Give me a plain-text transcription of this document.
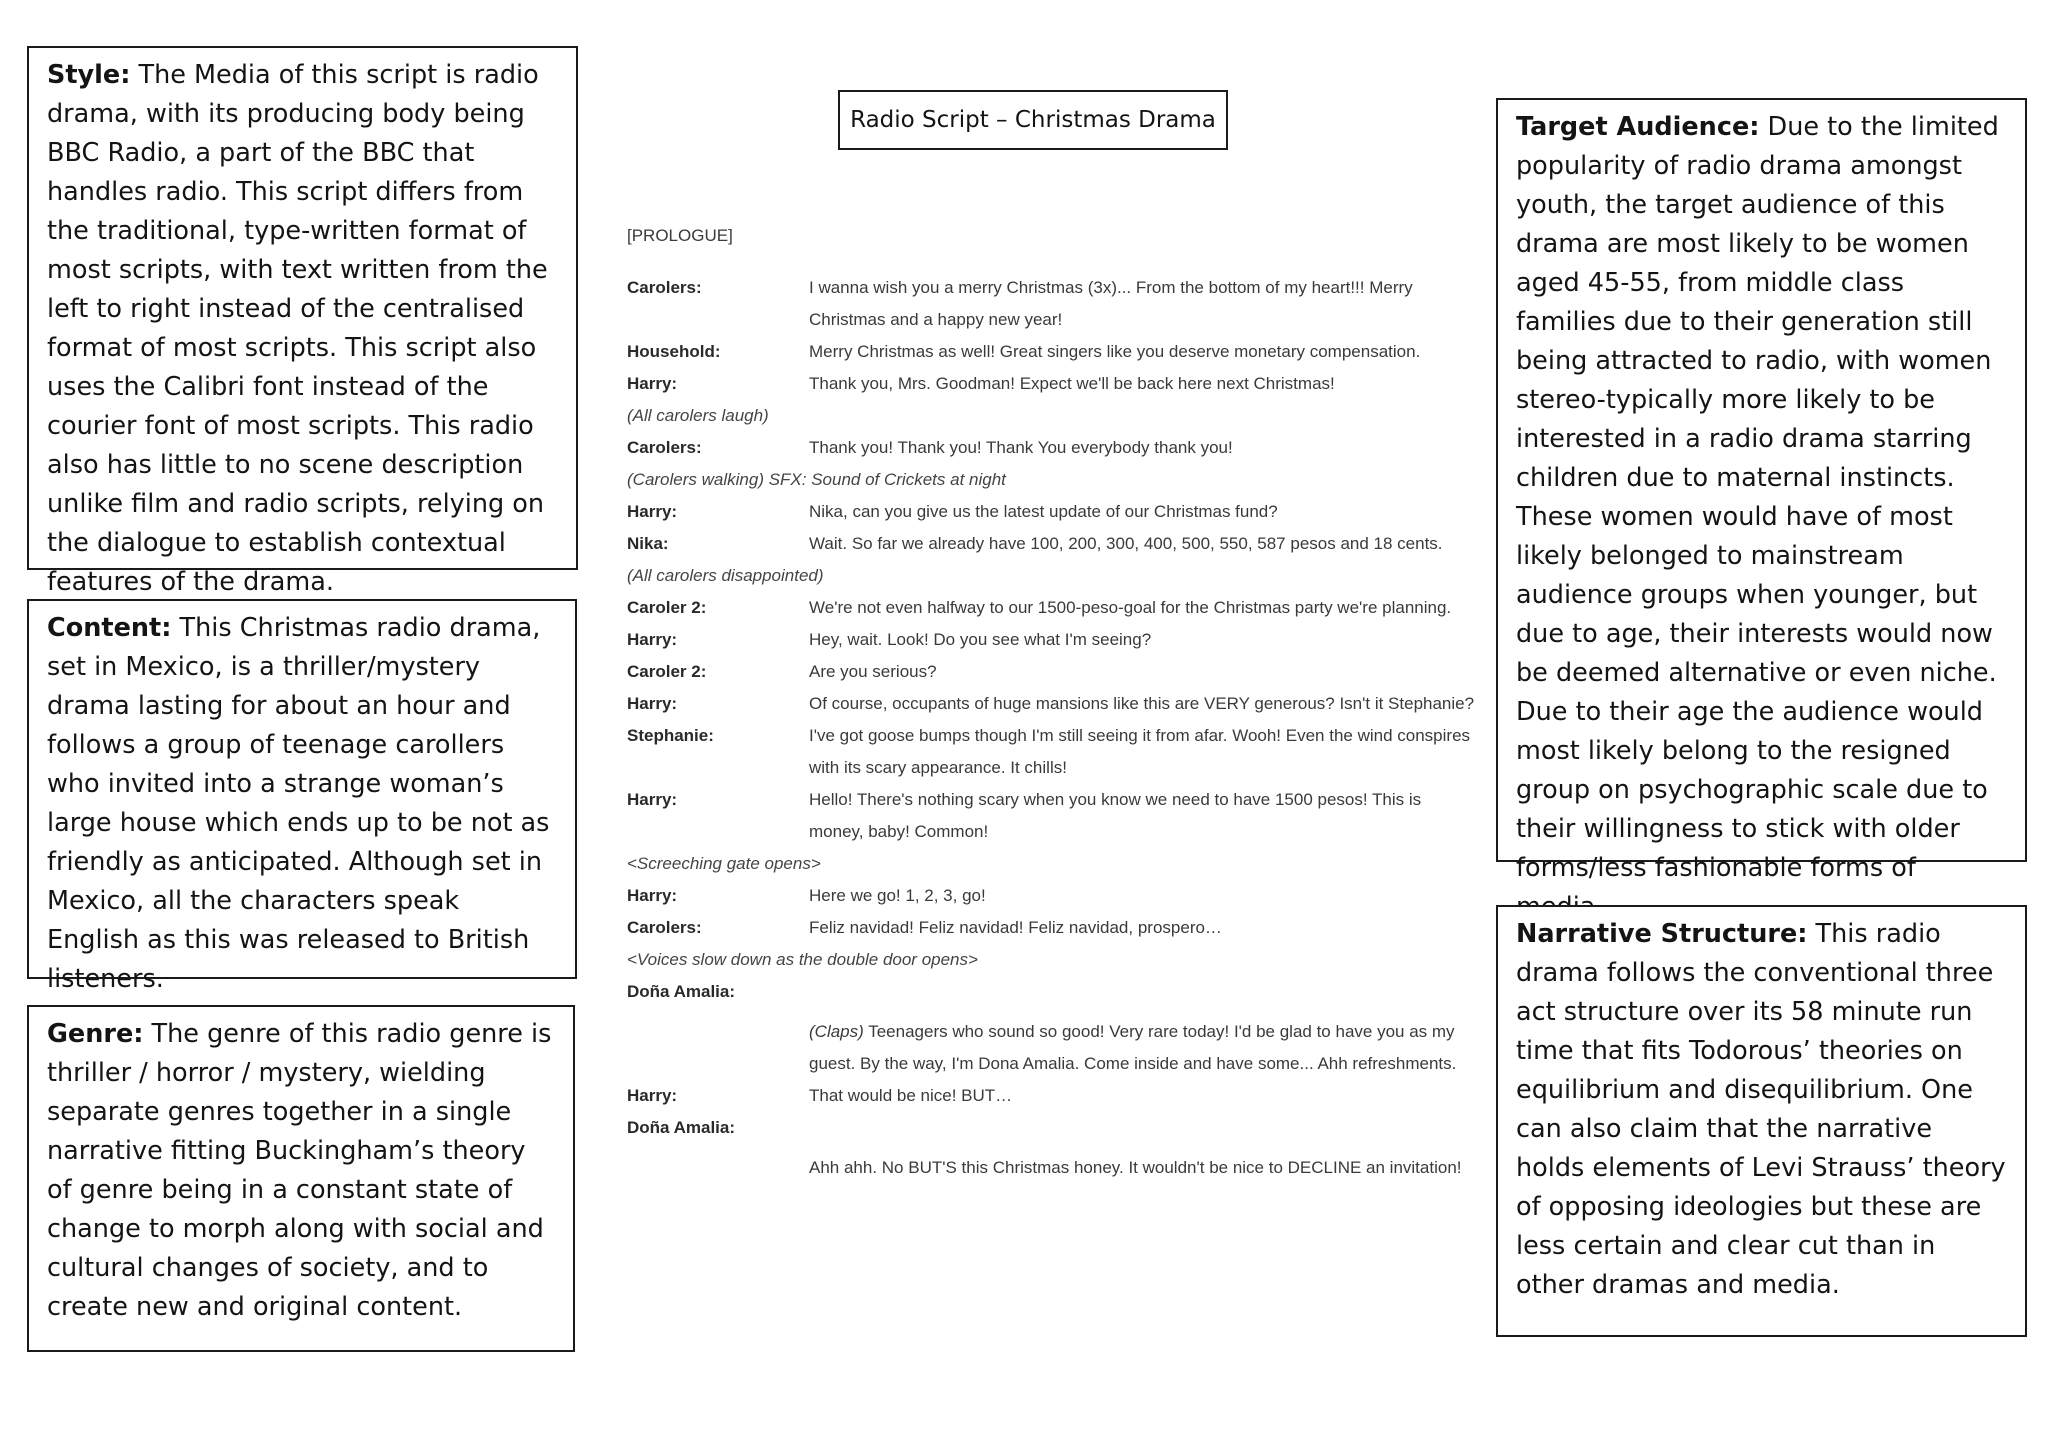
Style: The Media of this script is radio drama, with its producing body being BBC Radio, a part of the BBC that handles radio. This script differs from the traditional, type-written format of most scripts, with text written from the left to right instead of the centralised format of most scripts. This script also uses the Calibri font instead of the courier font of most scripts. This radio also has little to no scene description unlike film and radio scripts, relying on the dialogue to establish contextual features of the drama.
Content: This Christmas radio drama, set in Mexico, is a thriller/mystery drama lasting for about an hour and follows a group of teenage carollers who invited into a strange woman’s large house which ends up to be not as friendly as anticipated. Although set in Mexico, all the characters speak English as this was released to British listeners.
Genre: The genre of this radio genre is thriller / horror / mystery, wielding separate genres together in a single narrative fitting Buckingham’s theory of genre being in a constant state of change to morph along with social and cultural changes of society, and to create new and original content.
Radio Script – Christmas Drama	Target Audience: Due to the limited popularity of radio drama amongst youth, the target audience of this drama are most likely to be women aged 45-55, from middle class families due to their generation still being attracted to radio, with women stereo-typically more likely to be interested in a radio drama starring children due to maternal instincts. These women would have of most likely belonged to mainstream audience groups when younger, but due to age, their interests would now be deemed alternative or even niche. Due to their age the audience would most likely belong to the resigned group on psychographic scale due to their willingness to stick with older forms/less fashionable forms of
Narrative Structure: This radio drama follows the conventional three act structure over its 58 minute run time that fits Todorous’ theories on equilibrium and disequilibrium. One can also claim that the narrative holds elements of Levi Strauss’ theory of opposing ideologies but these are less certain and clear cut than in other dramas and media.
[PROLOGUE]
Carolers:	I wanna wish you a merry Christmas (3x)... From the bottom of my heart!!! Merry Christmas and a happy new year!
Household:	Merry Christmas as well! Great singers like you deserve monetary compensation.
Harry:	Thank you, Mrs. Goodman! Expect we'll be back here next Christmas!
(All carolers laugh)
Carolers:	Thank you! Thank you! Thank You everybody thank you!
(Carolers walking) SFX: Sound of Crickets at night
Harry:	Nika, can you give us the latest update of our Christmas fund?
Nika:	Wait. So far we already have 100, 200, 300, 400, 500, 550, 587 pesos and 18 cents.
(All carolers disappointed)
Caroler 2:	We're not even halfway to our 1500-peso-goal for the Christmas party we're planning.
Harry:	Hey, wait. Look! Do you see what I'm seeing?
Caroler 2:	Are you serious?
Harry:	Of course, occupants of huge mansions like this are VERY generous? Isn't it Stephanie?
Stephanie:	I've got goose bumps though I'm still seeing it from afar. Wooh! Even the wind conspires with its scary appearance. It chills!
Harry:	Hello! There's nothing scary when you know we need to have 1500 pesos! This is money, baby! Common!
<Screeching gate opens>
Harry:	Here we go! 1, 2, 3, go!
Carolers:	Feliz navidad! Feliz navidad! Feliz navidad, prospero…
<Voices slow down as the double door opens>
Doña Amalia:
(Claps) Teenagers who sound so good! Very rare today! I'd be glad to have you as my guest. By the way, I'm Dona Amalia. Come inside and have some... Ahh refreshments.
Harry:	That would be nice! BUT…
Doña Amalia:
Ahh ahh. No BUT'S this Christmas honey. It wouldn't be nice to DECLINE an invitation!
